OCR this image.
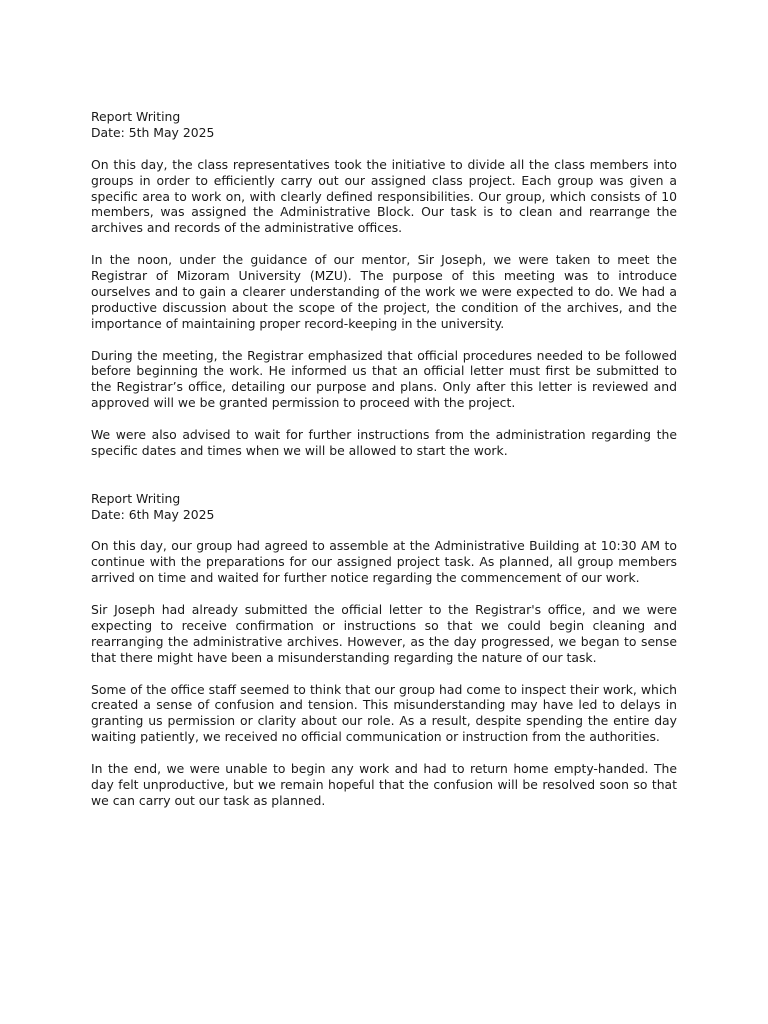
Report Writing

Date: 5th May 2025

On this day, the class representatives took the initiative to divide all the class members into groups in order to efficiently carry out our assigned class project. Each group was given a specific area to work on, with clearly defined responsibilities. Our group, which consists of 10 members, was assigned the Administrative Block. Our task is to clean and rearrange the archives and records of the administrative offices.

In the noon, under the guidance of our mentor, Sir Joseph, we were taken to meet the Registrar of Mizoram University (MZU). The purpose of this meeting was to introduce ourselves and to gain a clearer understanding of the work we were expected to do. We had a productive discussion about the scope of the project, the condition of the archives, and the importance of maintaining proper record-keeping in the university.

During the meeting, the Registrar emphasized that official procedures needed to be followed before beginning the work. He informed us that an official letter must first be submitted to the Registrar’s office, detailing our purpose and plans. Only after this letter is reviewed and approved will we be granted permission to proceed with the project.

We were also advised to wait for further instructions from the administration regarding the specific dates and times when we will be allowed to start the work.

Report Writing

Date: 6th May 2025

On this day, our group had agreed to assemble at the Administrative Building at 10:30 AM to continue with the preparations for our assigned project task. As planned, all group members arrived on time and waited for further notice regarding the commencement of our work.

Sir Joseph had already submitted the official letter to the Registrar's office, and we were expecting to receive confirmation or instructions so that we could begin cleaning and rearranging the administrative archives. However, as the day progressed, we began to sense that there might have been a misunderstanding regarding the nature of our task.

Some of the office staff seemed to think that our group had come to inspect their work, which created a sense of confusion and tension. This misunderstanding may have led to delays in granting us permission or clarity about our role. As a result, despite spending the entire day waiting patiently, we received no official communication or instruction from the authorities.

In the end, we were unable to begin any work and had to return home empty-handed. The day felt unproductive, but we remain hopeful that the confusion will be resolved soon so that we can carry out our task as planned.
